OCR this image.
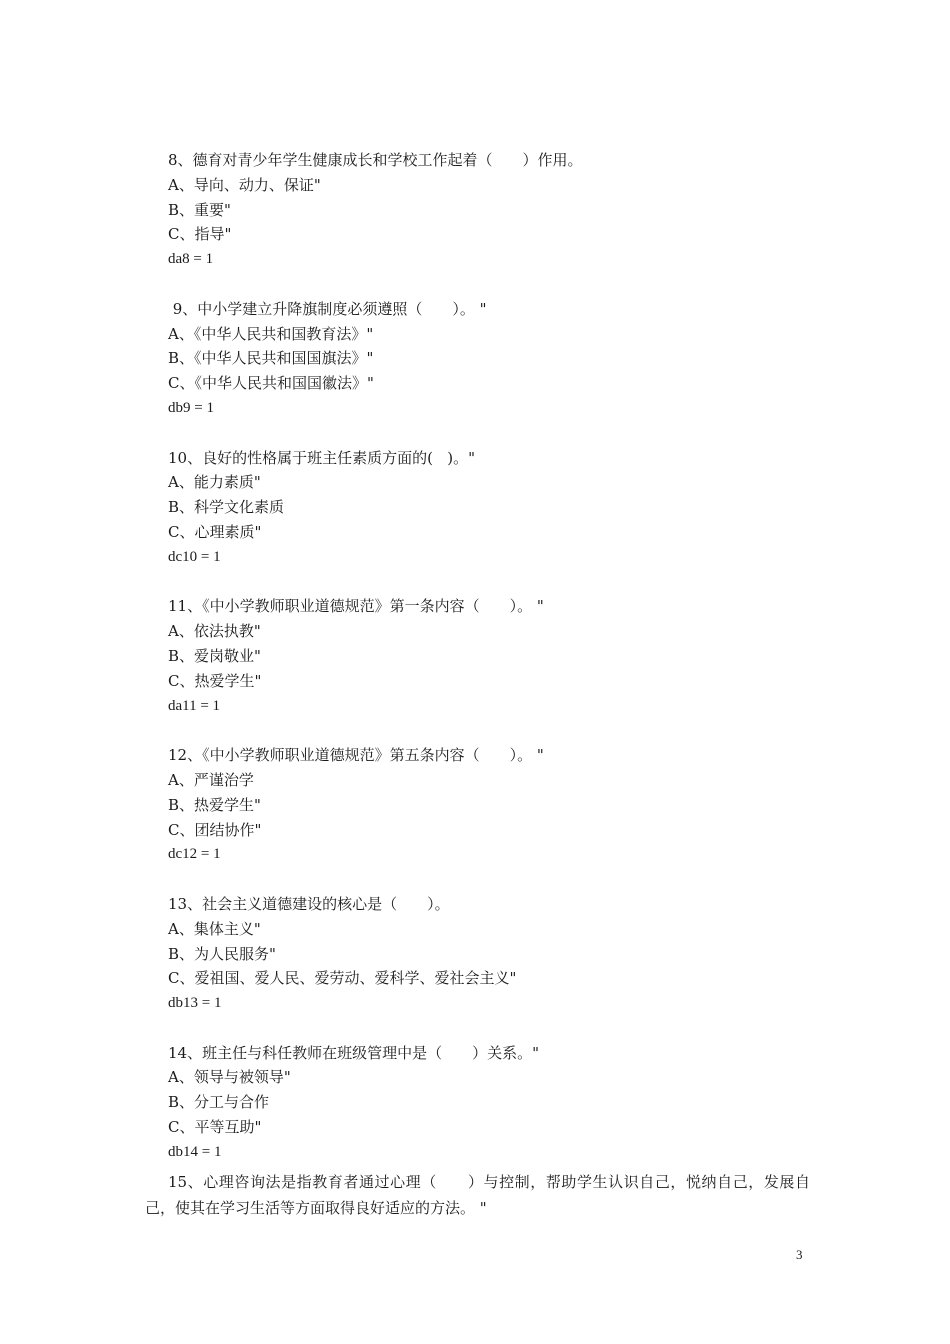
8、德育对青少年学生健康成长和学校工作起着（　　）作用。
A、导向、动力、保证"
B、重要"
C、指导"
da8 = 1
9、中小学建立升降旗制度必须遵照（　　）。 "
A、《中华人民共和国教育法》"
B、《中华人民共和国国旗法》"
C、《中华人民共和国国徽法》"
db9 = 1
10、良好的性格属于班主任素质方面的(   )。"
A、能力素质"
B、科学文化素质
C、心理素质"
dc10 = 1
11、《中小学教师职业道德规范》第一条内容（　　）。 "
A、依法执教"
B、爱岗敬业"
C、热爱学生"
da11 = 1
12、《中小学教师职业道德规范》第五条内容（　　）。 "
A、严谨治学
B、热爱学生"
C、团结协作"
dc12 = 1
13、社会主义道德建设的核心是（　　）。
A、集体主义"
B、为人民服务"
C、爱祖国、爱人民、爱劳动、爱科学、爱社会主义"
db13 = 1
14、班主任与科任教师在班级管理中是（　　）关系。"
A、领导与被领导"
B、分工与合作
C、平等互助"
db14 = 1
15、心理咨询法是指教育者通过心理（　　）与控制，帮助学生认识自己，悦纳自己，发展自己，使其在学习生活等方面取得良好适应的方法。 "
3
